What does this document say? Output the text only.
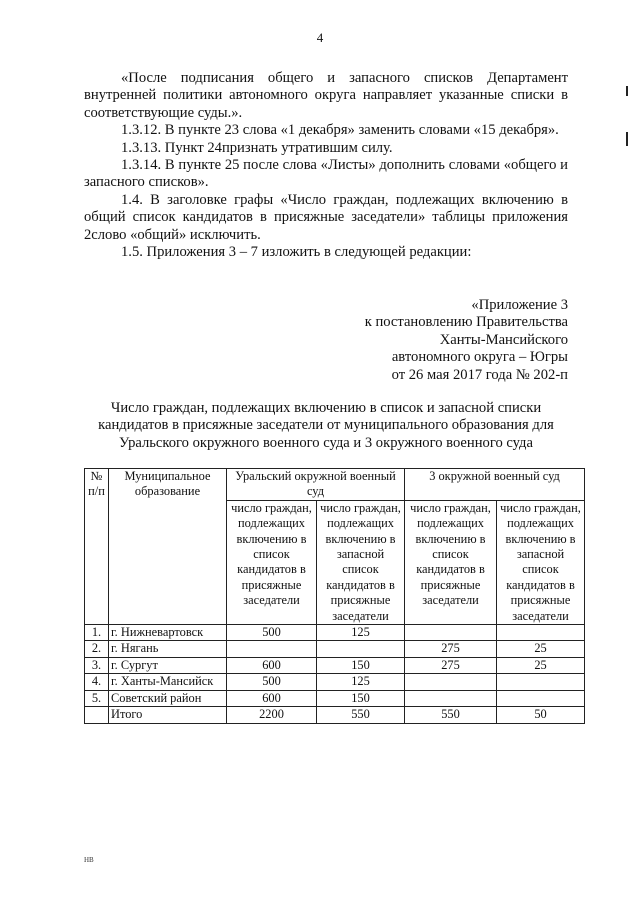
4

«После подписания общего и запасного списков Департамент внутренней политики автономного округа направляет указанные списки в соответствующие суды.».

1.3.12. В пункте 23 слова «1 декабря» заменить словами «15 декабря».

1.3.13. Пункт 24признать утратившим силу.

1.3.14. В пункте 25 после слова «Листы» дополнить словами «общего и запасного списков».

1.4. В заголовке графы «Число граждан, подлежащих включению в общий список кандидатов в присяжные заседатели» таблицы приложения 2слово «общий» исключить.

1.5. Приложения 3 – 7 изложить в следующей редакции:

«Приложение 3
к постановлению Правительства
Ханты-Мансийского
автономного округа – Югры
от 26 мая 2017 года № 202-п
Число граждан, подлежащих включению в список и запасной списки
кандидатов в присяжные заседатели от муниципального образования для
Уральского окружного военного суда и 3 окружного военного суда
№ п/п	Муниципальное образование	Уральский окружной военный суд		3 окружной военный суд	
		число граждан, подлежащих включению в список кандидатов в присяжные заседатели	число граждан, подлежащих включению в запасной список кандидатов в присяжные заседатели	число граждан, подлежащих включению в список кандидатов в присяжные заседатели	число граждан, подлежащих включению в запасной список кандидатов в присяжные заседатели
1.	г. Нижневартовск	500	125		
2.	г. Нягань			275	25
3.	г. Сургут	600	150	275	25
4.	г. Ханты-Мансийск	500	125		
5.	Советский район	600	150		
	Итого	2200	550	550	50
НВ
